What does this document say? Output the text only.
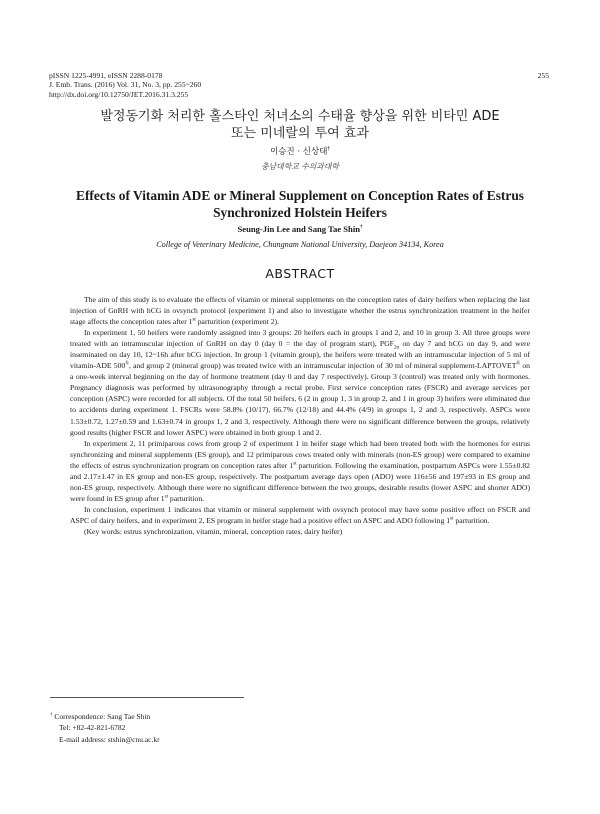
pISSN 1225-4991, eISSN 2288-0178
J. Emb. Trans. (2016) Vol. 31, No. 3, pp. 255~260
http://dx.doi.org/10.12750/JET.2016.31.3.255
255
발정동기화 처리한 홀스타인 처녀소의 수태율 향상을 위한 비타민 ADE
또는 미네랄의 투여 효과
이승진 · 신상태†
충남대학교 수의과대학
Effects of Vitamin ADE or Mineral Supplement on Conception Rates of Estrus
Synchronized Holstein Heifers
Seung-Jin Lee and Sang Tae Shin†
College of Veterinary Medicine, Chungnam National University, Daejeon 34134, Korea
ABSTRACT

The aim of this study is to evaluate the effects of vitamin or mineral supplements on the conception rates of dairy heifers when replacing the last injection of GnRH with hCG in ovsynch protocol (experiment 1) and also to investigate whether the estrus synchronization treatment in the heifer stage affects the conception rates after 1st parturition (experiment 2).

In experiment 1, 50 heifers were randomly assigned into 3 groups: 20 heifers each in groups 1 and 2, and 10 in group 3. All three groups were treated with an intramuscular injection of GnRH on day 0 (day 0 = the day of program start), $PGF_{2\alpha}$ on day 7 and hCG on day 9, and were inseminated on day 10, 12~16h after hCG injection. In group 1 (vitamin group), the heifers were treated with an intramuscular injection of 5 ml of vitamin-ADE 500®, and group 2 (mineral group) was treated twice with an intramuscular injection of 30 ml of mineral supplement-LAPTOVET® on a one-week interval beginning on the day of hormone treatment (day 0 and day 7 respectively). Group 3 (control) was treated only with hormones. Pregnancy diagnosis was performed by ultrasonography through a rectal probe. First service conception rates (FSCR) and average services per conception (ASPC) were recorded for all subjects. Of the total 50 heifers, 6 (2 in group 1, 3 in group 2, and 1 in group 3) heifers were eliminated due to accidents during experiment 1. FSCRs were 58.8% (10/17), 66.7% (12/18) and 44.4% (4/9) in groups 1, 2 and 3, respectively. ASPCs were 1.53±0.72, 1.27±0.59 and 1.63±0.74 in groups 1, 2 and 3, respectively. Although there were no significant difference between the groups, relatively good results (higher FSCR and lower ASPC) were obtained in both group 1 and 2.

In experiment 2, 11 primiparous cows from group 2 of experiment 1 in heifer stage which had been treated both with the hormones for estrus synchronizing and mineral supplements (ES group), and 12 primiparous cows treated only with minerals (non-ES group) were compared to examine the effects of estrus synchronization program on conception rates after 1st parturition. Following the examination, postpartum ASPCs were 1.55±0.82 and 2.17±1.47 in ES group and non-ES group, respectively. The postpartum average days open (ADO) were 116±56 and 197±93 in ES group and non-ES group, respectively. Although there were no significant difference between the two groups, desirable results (lower ASPC and shorter ADO) were found in ES group after 1st parturition.

In conclusion, experiment 1 indicates that vitamin or mineral supplement with ovsynch protocol may have some positive effect on FSCR and ASPC of dairy heifers, and in experiment 2, ES program in heifer stage had a positive effect on ASPC and ADO following 1st parturition.

(Key words: estrus synchronization, vitamin, mineral, conception rates, dairy heifer)

† Correspondence: Sang Tae Shin
Tel: +82-42-821-6782
E-mail address: stshin@cnu.ac.kr
